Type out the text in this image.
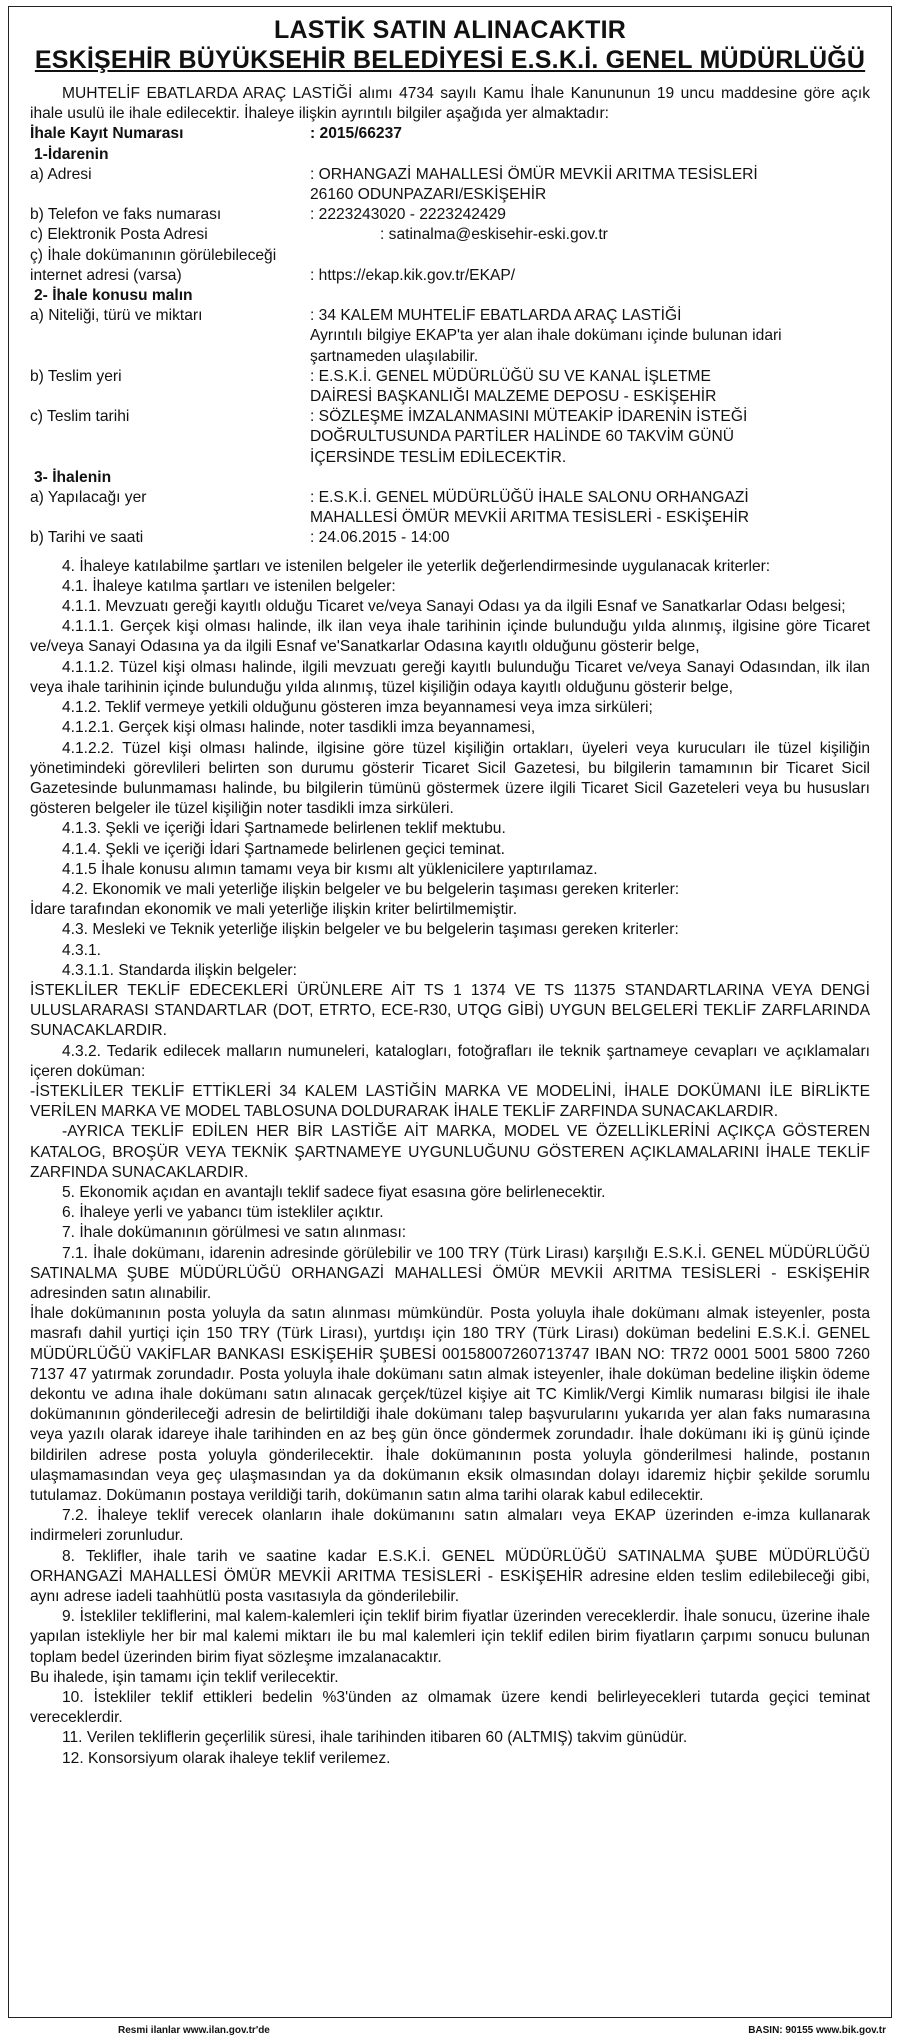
LASTİK SATIN ALINACAKTIR
ESKİŞEHİR BÜYÜKSEHİR BELEDİYESİ E.S.K.İ. GENEL MÜDÜRLÜĞÜ

MUHTELİF EBATLARDA ARAÇ LASTİĞİ alımı 4734 sayılı Kamu İhale Kanununun 19 uncu maddesine göre açık ihale usulü ile ihale edilecektir. İhaleye ilişkin ayrıntılı bilgiler aşağıda yer almaktadır:

İhale Kayıt Numarası	: 2015/66237
1-İdarenin
a) Adresi	: ORHANGAZİ MAHALLESİ ÖMÜR MEVKİİ ARITMA TESİSLERİ
26160 ODUNPAZARI/ESKİŞEHİR
b) Telefon ve faks numarası	: 2223243020 - 2223242429
c) Elektronik Posta Adresi	: satinalma@eskisehir-eski.gov.tr
ç) İhale dokümanının görülebileceği
internet adresi (varsa)	: https://ekap.kik.gov.tr/EKAP/
2- İhale konusu malın
a) Niteliği, türü ve miktarı	: 34 KALEM MUHTELİF EBATLARDA ARAÇ LASTİĞİ
Ayrıntılı bilgiye EKAP'ta yer alan ihale dokümanı içinde bulunan idari
şartnameden ulaşılabilir.
b) Teslim yeri	: E.S.K.İ. GENEL MÜDÜRLÜĞÜ SU VE KANAL İŞLETME
DAİRESİ BAŞKANLIĞI MALZEME DEPOSU - ESKİŞEHİR
c) Teslim tarihi	: SÖZLEŞME İMZALANMASINI MÜTEAKİP İDARENİN İSTEĞİ
DOĞRULTUSUNDA PARTİLER HALİNDE 60 TAKVİM GÜNÜ
İÇERSİNDE TESLİM EDİLECEKTİR.
3- İhalenin
a) Yapılacağı yer	: E.S.K.İ. GENEL MÜDÜRLÜĞÜ İHALE SALONU ORHANGAZİ
MAHALLESİ ÖMÜR MEVKİİ ARITMA TESİSLERİ - ESKİŞEHİR
b) Tarihi ve saati	: 24.06.2015 - 14:00

4. İhaleye katılabilme şartları ve istenilen belgeler ile yeterlik değerlendirmesinde uygulanacak kriterler:

4.1. İhaleye katılma şartları ve istenilen belgeler:

4.1.1. Mevzuatı gereği kayıtlı olduğu Ticaret ve/veya Sanayi Odası ya da ilgili Esnaf ve Sanatkarlar Odası belgesi;

4.1.1.1. Gerçek kişi olması halinde, ilk ilan veya ihale tarihinin içinde bulunduğu yılda alınmış, ilgisine göre Ticaret ve/veya Sanayi Odasına ya da ilgili Esnaf ve'Sanatkarlar Odasına kayıtlı olduğunu gösterir belge,

4.1.1.2. Tüzel kişi olması halinde, ilgili mevzuatı gereği kayıtlı bulunduğu Ticaret ve/veya Sanayi Odasından, ilk ilan veya ihale tarihinin içinde bulunduğu yılda alınmış, tüzel kişiliğin odaya kayıtlı olduğunu gösterir belge,

4.1.2. Teklif vermeye yetkili olduğunu gösteren imza beyannamesi veya imza sirküleri;

4.1.2.1. Gerçek kişi olması halinde, noter tasdikli imza beyannamesi,

4.1.2.2. Tüzel kişi olması halinde, ilgisine göre tüzel kişiliğin ortakları, üyeleri veya kurucuları ile tüzel kişiliğin yönetimindeki görevlileri belirten son durumu gösterir Ticaret Sicil Gazetesi, bu bilgilerin tamamının bir Ticaret Sicil Gazetesinde bulunmaması halinde, bu bilgilerin tümünü göstermek üzere ilgili Ticaret Sicil Gazeteleri veya bu hususları gösteren belgeler ile tüzel kişiliğin noter tasdikli imza sirküleri.

4.1.3. Şekli ve içeriği İdari Şartnamede belirlenen teklif mektubu.

4.1.4. Şekli ve içeriği İdari Şartnamede belirlenen geçici teminat.

4.1.5 İhale konusu alımın tamamı veya bir kısmı alt yüklenicilere yaptırılamaz.

4.2. Ekonomik ve mali yeterliğe ilişkin belgeler ve bu belgelerin taşıması gereken kriterler:

İdare tarafından ekonomik ve mali yeterliğe ilişkin kriter belirtilmemiştir.

4.3. Mesleki ve Teknik yeterliğe ilişkin belgeler ve bu belgelerin taşıması gereken kriterler:

4.3.1.

4.3.1.1. Standarda ilişkin belgeler:

İSTEKLİLER TEKLİF EDECEKLERİ ÜRÜNLERE AİT TS 1 1374 VE TS 11375 STANDARTLARINA VEYA DENGİ ULUSLARARASI STANDARTLAR (DOT, ETRTO, ECE-R30, UTQG GİBİ) UYGUN BELGELERİ TEKLİF ZARFLARINDA SUNACAKLARDIR.

4.3.2. Tedarik edilecek malların numuneleri, katalogları, fotoğrafları ile teknik şartnameye cevapları ve açıklamaları içeren doküman:

-İSTEKLİLER TEKLİF ETTİKLERİ 34 KALEM LASTİĞİN MARKA VE MODELİNİ, İHALE DOKÜMANI İLE BİRLİKTE VERİLEN MARKA VE MODEL TABLOSUNA DOLDURARAK İHALE TEKLİF ZARFINDA SUNACAKLARDIR.

-AYRICA TEKLİF EDİLEN HER BİR LASTİĞE AİT MARKA, MODEL VE ÖZELLİKLERİNİ AÇIKÇA GÖSTEREN KATALOG, BROŞÜR VEYA TEKNİK ŞARTNAMEYE UYGUNLUĞUNU GÖSTEREN AÇIKLAMALARINI İHALE TEKLİF ZARFINDA SUNACAKLARDIR.

5. Ekonomik açıdan en avantajlı teklif sadece fiyat esasına göre belirlenecektir.

6. İhaleye yerli ve yabancı tüm istekliler açıktır.

7. İhale dokümanının görülmesi ve satın alınması:

7.1. İhale dokümanı, idarenin adresinde görülebilir ve 100 TRY (Türk Lirası) karşılığı E.S.K.İ. GENEL MÜDÜRLÜĞÜ SATINALMA ŞUBE MÜDÜRLÜĞÜ ORHANGAZİ MAHALLESİ ÖMÜR MEVKİİ ARITMA TESİSLERİ - ESKİŞEHİR adresinden satın alınabilir.

İhale dokümanının posta yoluyla da satın alınması mümkündür. Posta yoluyla ihale dokümanı almak isteyenler, posta masrafı dahil yurtiçi için 150 TRY (Türk Lirası), yurtdışı için 180 TRY (Türk Lirası) doküman bedelini E.S.K.İ. GENEL MÜDÜRLÜĞÜ VAKİFLAR BANKASI ESKİŞEHİR ŞUBESİ 00158007260713747 IBAN NO: TR72 0001 5001 5800 7260 7137 47 yatırmak zorundadır. Posta yoluyla ihale dokümanı satın almak isteyenler, ihale doküman bedeline ilişkin ödeme dekontu ve adına ihale dokümanı satın alınacak gerçek/tüzel kişiye ait TC Kimlik/Vergi Kimlik numarası bilgisi ile ihale dokümanının gönderileceği adresin de belirtildiği ihale dokümanı talep başvurularını yukarıda yer alan faks numarasına veya yazılı olarak idareye ihale tarihinden en az beş gün önce göndermek zorundadır. İhale dokümanı iki iş günü içinde bildirilen adrese posta yoluyla gönderilecektir. İhale dokümanının posta yoluyla gönderilmesi halinde, postanın ulaşmamasından veya geç ulaşmasından ya da dokümanın eksik olmasından dolayı idaremiz hiçbir şekilde sorumlu tutulamaz. Dokümanın postaya verildiği tarih, dokümanın satın alma tarihi olarak kabul edilecektir.

7.2. İhaleye teklif verecek olanların ihale dokümanını satın almaları veya EKAP üzerinden e-imza kullanarak indirmeleri zorunludur.

8. Teklifler, ihale tarih ve saatine kadar E.S.K.İ. GENEL MÜDÜRLÜĞÜ SATINALMA ŞUBE MÜDÜRLÜĞÜ ORHANGAZİ MAHALLESİ ÖMÜR MEVKİİ ARITMA TESİSLERİ - ESKİŞEHİR adresine elden teslim edilebileceği gibi, aynı adrese iadeli taahhütlü posta vasıtasıyla da gönderilebilir.

9. İstekliler tekliflerini, mal kalem-kalemleri için teklif birim fiyatlar üzerinden vereceklerdir. İhale sonucu, üzerine ihale yapılan istekliyle her bir mal kalemi miktarı ile bu mal kalemleri için teklif edilen birim fiyatların çarpımı sonucu bulunan toplam bedel üzerinden birim fiyat sözleşme imzalanacaktır.

Bu ihalede, işin tamamı için teklif verilecektir.

10. İstekliler teklif ettikleri bedelin %3'ünden az olmamak üzere kendi belirleyecekleri tutarda geçici teminat vereceklerdir.

11. Verilen tekliflerin geçerlilik süresi, ihale tarihinden itibaren 60 (ALTMIŞ) takvim günüdür.

12. Konsorsiyum olarak ihaleye teklif verilemez.

Resmi ilanlar www.ilan.gov.tr'de	BASIN: 90155 www.bik.gov.tr
